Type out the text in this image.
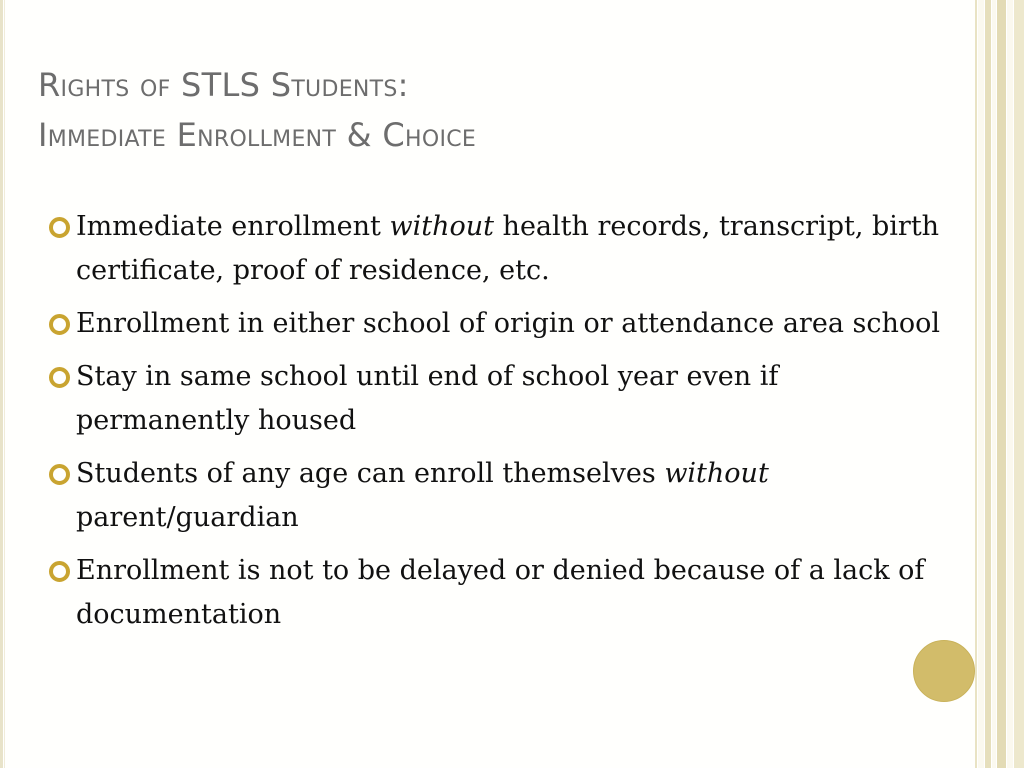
Rights of STLS Students:
Immediate Enrollment & Choice
Immediate enrollment without health records, transcript, birth certificate, proof of residence, etc.
Enrollment in either school of origin or attendance area school
Stay in same school until end of school year even if permanently housed
Students of any age can enroll themselves without parent/guardian
Enrollment is not to be delayed or denied because of a lack of documentation
